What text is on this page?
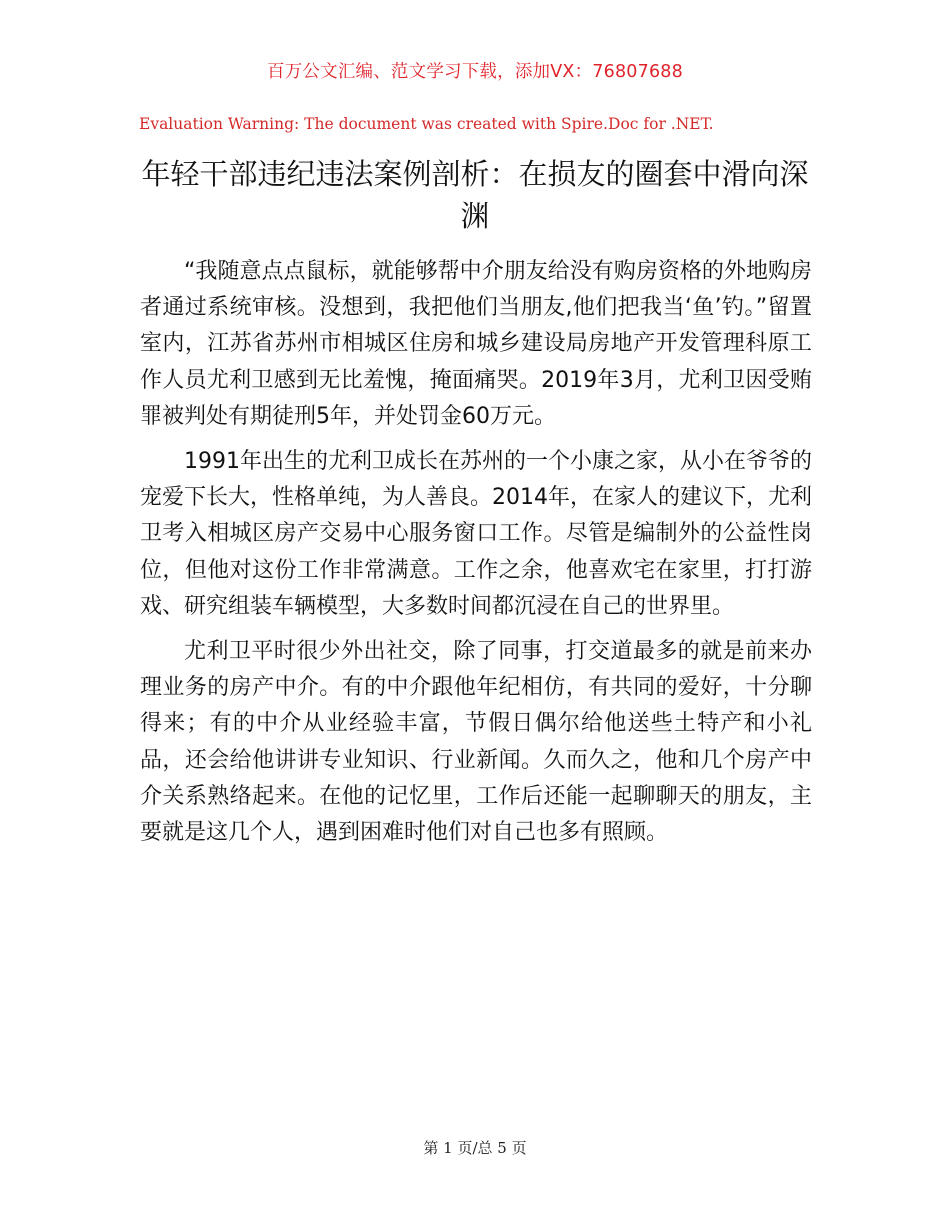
百万公文汇编、范文学习下载，添加VX：76807688
Evaluation Warning: The document was created with Spire.Doc for .NET.
年轻干部违纪违法案例剖析：在损友的圈套中滑向深渊

“我随意点点鼠标，就能够帮中介朋友给没有购房资格的外地购房者通过系统审核。没想到，我把他们当朋友,他们把我当‘鱼’钓。”留置室内，江苏省苏州市相城区住房和城乡建设局房地产开发管理科原工作人员尤利卫感到无比羞愧，掩面痛哭。2019年3月，尤利卫因受贿罪被判处有期徒刑5年，并处罚金60万元。

1991年出生的尤利卫成长在苏州的一个小康之家，从小在爷爷的宠爱下长大，性格单纯，为人善良。2014年，在家人的建议下，尤利卫考入相城区房产交易中心服务窗口工作。尽管是编制外的公益性岗位，但他对这份工作非常满意。工作之余，他喜欢宅在家里，打打游戏、研究组装车辆模型，大多数时间都沉浸在自己的世界里。

尤利卫平时很少外出社交，除了同事，打交道最多的就是前来办理业务的房产中介。有的中介跟他年纪相仿，有共同的爱好，十分聊得来；有的中介从业经验丰富，节假日偶尔给他送些土特产和小礼品，还会给他讲讲专业知识、行业新闻。久而久之，他和几个房产中介关系熟络起来。在他的记忆里，工作后还能一起聊聊天的朋友，主要就是这几个人，遇到困难时他们对自己也多有照顾。

第 1 页/总 5 页
